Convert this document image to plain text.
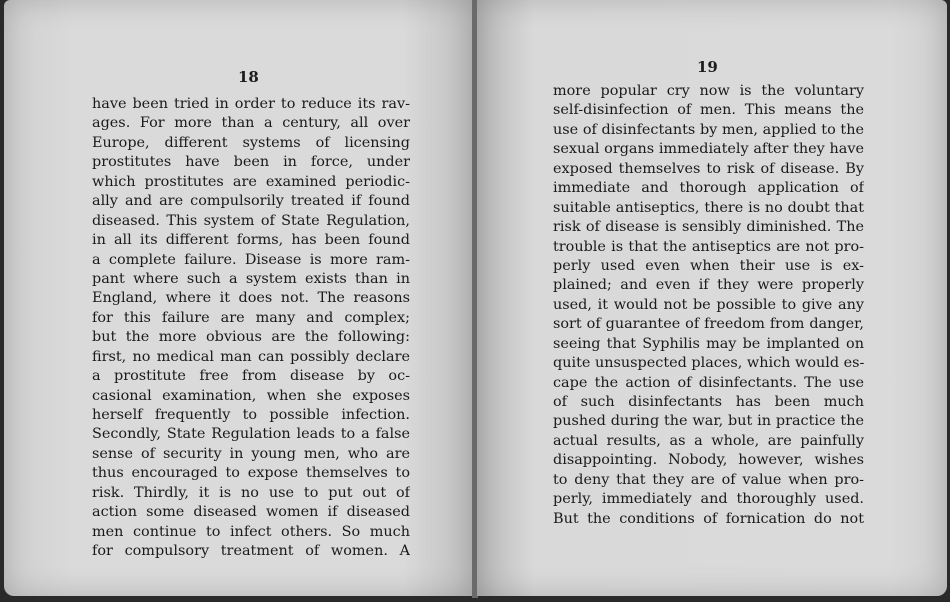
18
have been tried in order to reduce its rav-
ages. For more than a century, all over
Europe, different systems of licensing
prostitutes have been in force, under
which prostitutes are examined periodic-
ally and are compulsorily treated if found
diseased. This system of State Regulation,
in all its different forms, has been found
a complete failure. Disease is more ram-
pant where such a system exists than in
England, where it does not. The reasons
for this failure are many and complex;
but the more obvious are the following:
first, no medical man can possibly declare
a prostitute free from disease by oc-
casional examination, when she exposes
herself frequently to possible infection.
Secondly, State Regulation leads to a false
sense of security in young men, who are
thus encouraged to expose themselves to
risk. Thirdly, it is no use to put out of
action some diseased women if diseased
men continue to infect others. So much
for compulsory treatment of women. A
19
more popular cry now is the voluntary
self-disinfection of men. This means the
use of disinfectants by men, applied to the
sexual organs immediately after they have
exposed themselves to risk of disease. By
immediate and thorough application of
suitable antiseptics, there is no doubt that
risk of disease is sensibly diminished. The
trouble is that the antiseptics are not pro-
perly used even when their use is ex-
plained; and even if they were properly
used, it would not be possible to give any
sort of guarantee of freedom from danger,
seeing that Syphilis may be implanted on
quite unsuspected places, which would es-
cape the action of disinfectants. The use
of such disinfectants has been much
pushed during the war, but in practice the
actual results, as a whole, are painfully
disappointing. Nobody, however, wishes
to deny that they are of value when pro-
perly, immediately and thoroughly used.
But the conditions of fornication do not
